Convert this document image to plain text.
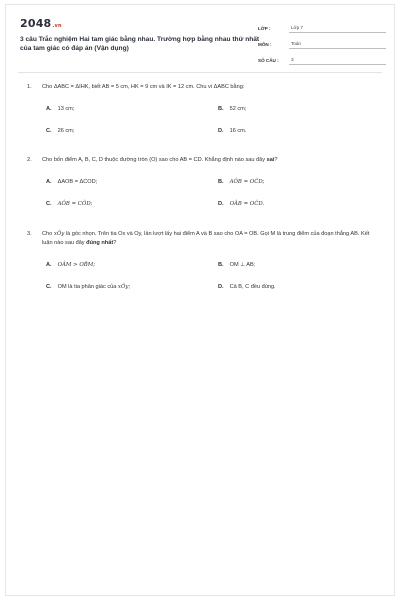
2048.vn
3 câu Trắc nghiệm Hai tam giác bằng nhau. Trường hợp bằng nhau thứ nhất của tam giác có đáp án (Vận dụng)
LỚP :	Lớp 7
MÔN :	Toán
SỐ CÂU :	3
1. Cho ΔABC = ΔIHK, biết AB = 5 cm, HK = 9 cm và IK = 12 cm. Chu vi ΔABC bằng:
A. 13 cm;	B. 52 cm;
C. 26 cm;	D. 16 cm.
2. Cho bốn điểm A, B, C, D thuộc đường tròn (O) sao cho AB = CD. Khẳng định nào sau đây sai?
A. ΔAOB = ΔCOD;	B. AÔB = OĈD;
C. AÔB = CÔD;	D. OÂB = OĈD.
3. Cho xÔy là góc nhọn. Trên tia Ox và Oy, lần lượt lấy hai điểm A và B sao cho OA = OB. Gọi M là trung điểm của đoạn thẳng AB. Kết luận nào sau đây đúng nhất?
A. OÂM > OB̂M;	B. OM ⊥ AB;
C. OM là tia phân giác của xÔy;	D. Cả B, C đều đúng.
